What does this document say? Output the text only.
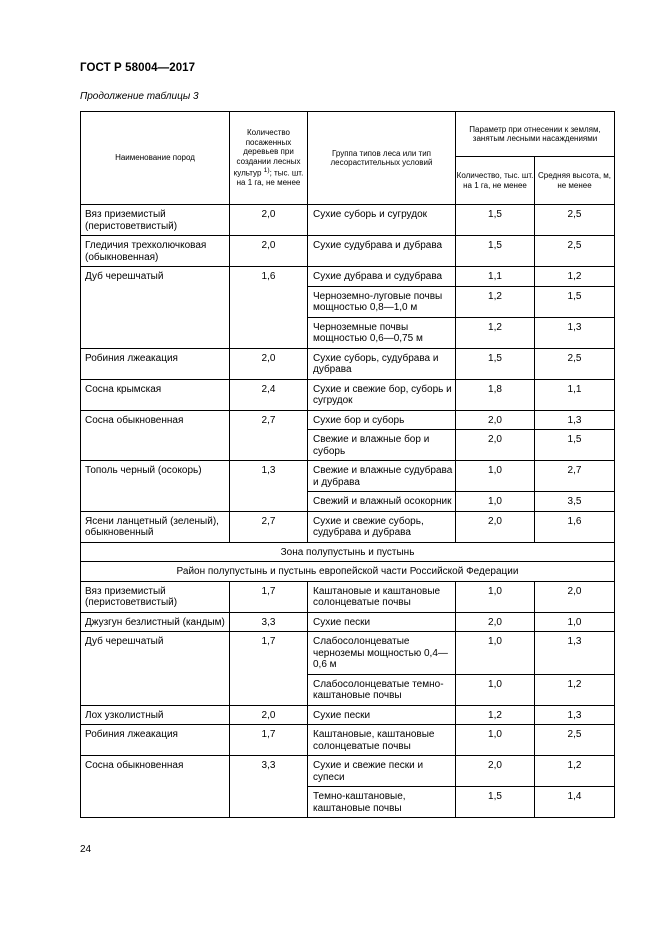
ГОСТ Р 58004—2017
Продолжение таблицы 3
Наименование пород	Количество посаженных деревьев при создании лесных культур $^{1)}$; тыс. шт. на 1 га, не менее	Группа типов леса или тип лесорастительных условий	Параметр при отнесении к землям, занятым лесными насаждениями	
			Количество, тыс. шт. на 1 га, не менее	Средняя высота, м, не менее
Вяз приземистый (перистоветвистый)	2,0	Сухие суборь и сугрудок	1,5	2,5
Гледичия трехколючковая (обыкновенная)	2,0	Сухие судубрава и дубрава	1,5	2,5
Дуб черешчатый	1,6	Сухие дубрава и судубрава	1,1	1,2
		Черноземно-луговые почвы мощностью 0,8—1,0 м	1,2	1,5
		Черноземные почвы мощностью 0,6—0,75 м	1,2	1,3
Робиния лжеакация	2,0	Сухие суборь, судубрава и дубрава	1,5	2,5
Сосна крымская	2,4	Сухие и свежие бор, суборь и сугрудок	1,8	1,1
Сосна обыкновенная	2,7	Сухие бор и суборь	2,0	1,3
		Свежие и влажные бор и суборь	2,0	1,5
Тополь черный (осокорь)	1,3	Свежие и влажные судубрава и дубрава	1,0	2,7
		Свежий и влажный осокорник	1,0	3,5
Ясени ланцетный (зеленый), обыкновенный	2,7	Сухие и свежие суборь, судубрава и дубрава	2,0	1,6
Зона полупустынь и пустынь				
Район полупустынь и пустынь европейской части Российской Федерации				
Вяз приземистый (перистоветвистый)	1,7	Каштановые и каштановые солонцеватые почвы	1,0	2,0
Джузгун безлистный (кандым)	3,3	Сухие пески	2,0	1,0
Дуб черешчатый	1,7	Слабосолонцеватые черноземы мощностью 0,4—0,6 м	1,0	1,3
		Слабосолонцеватые темно-каштановые почвы	1,0	1,2
Лох узколистный	2,0	Сухие пески	1,2	1,3
Робиния лжеакация	1,7	Каштановые, каштановые солонцеватые почвы	1,0	2,5
Сосна обыкновенная	3,3	Сухие и свежие пески и супеси	2,0	1,2
		Темно-каштановые, каштановые почвы	1,5	1,4
24
